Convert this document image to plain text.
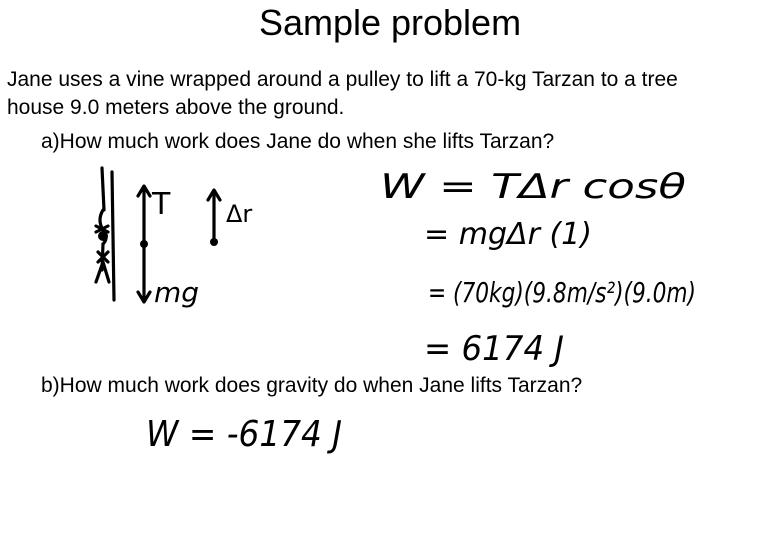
Sample problem
Jane uses a vine wrapped around a pulley to lift a 70-kg Tarzan to a tree house 9.0 meters above the ground.
a)How much work does Jane do when she lifts Tarzan?
b)How much work does gravity do when Jane lifts Tarzan?
T
mg
Δr
W = TΔr cosθ
= mgΔr (1)
= (70kg)(9.8m/s²)(9.0m)
= 6174 J
W = -6174 J
